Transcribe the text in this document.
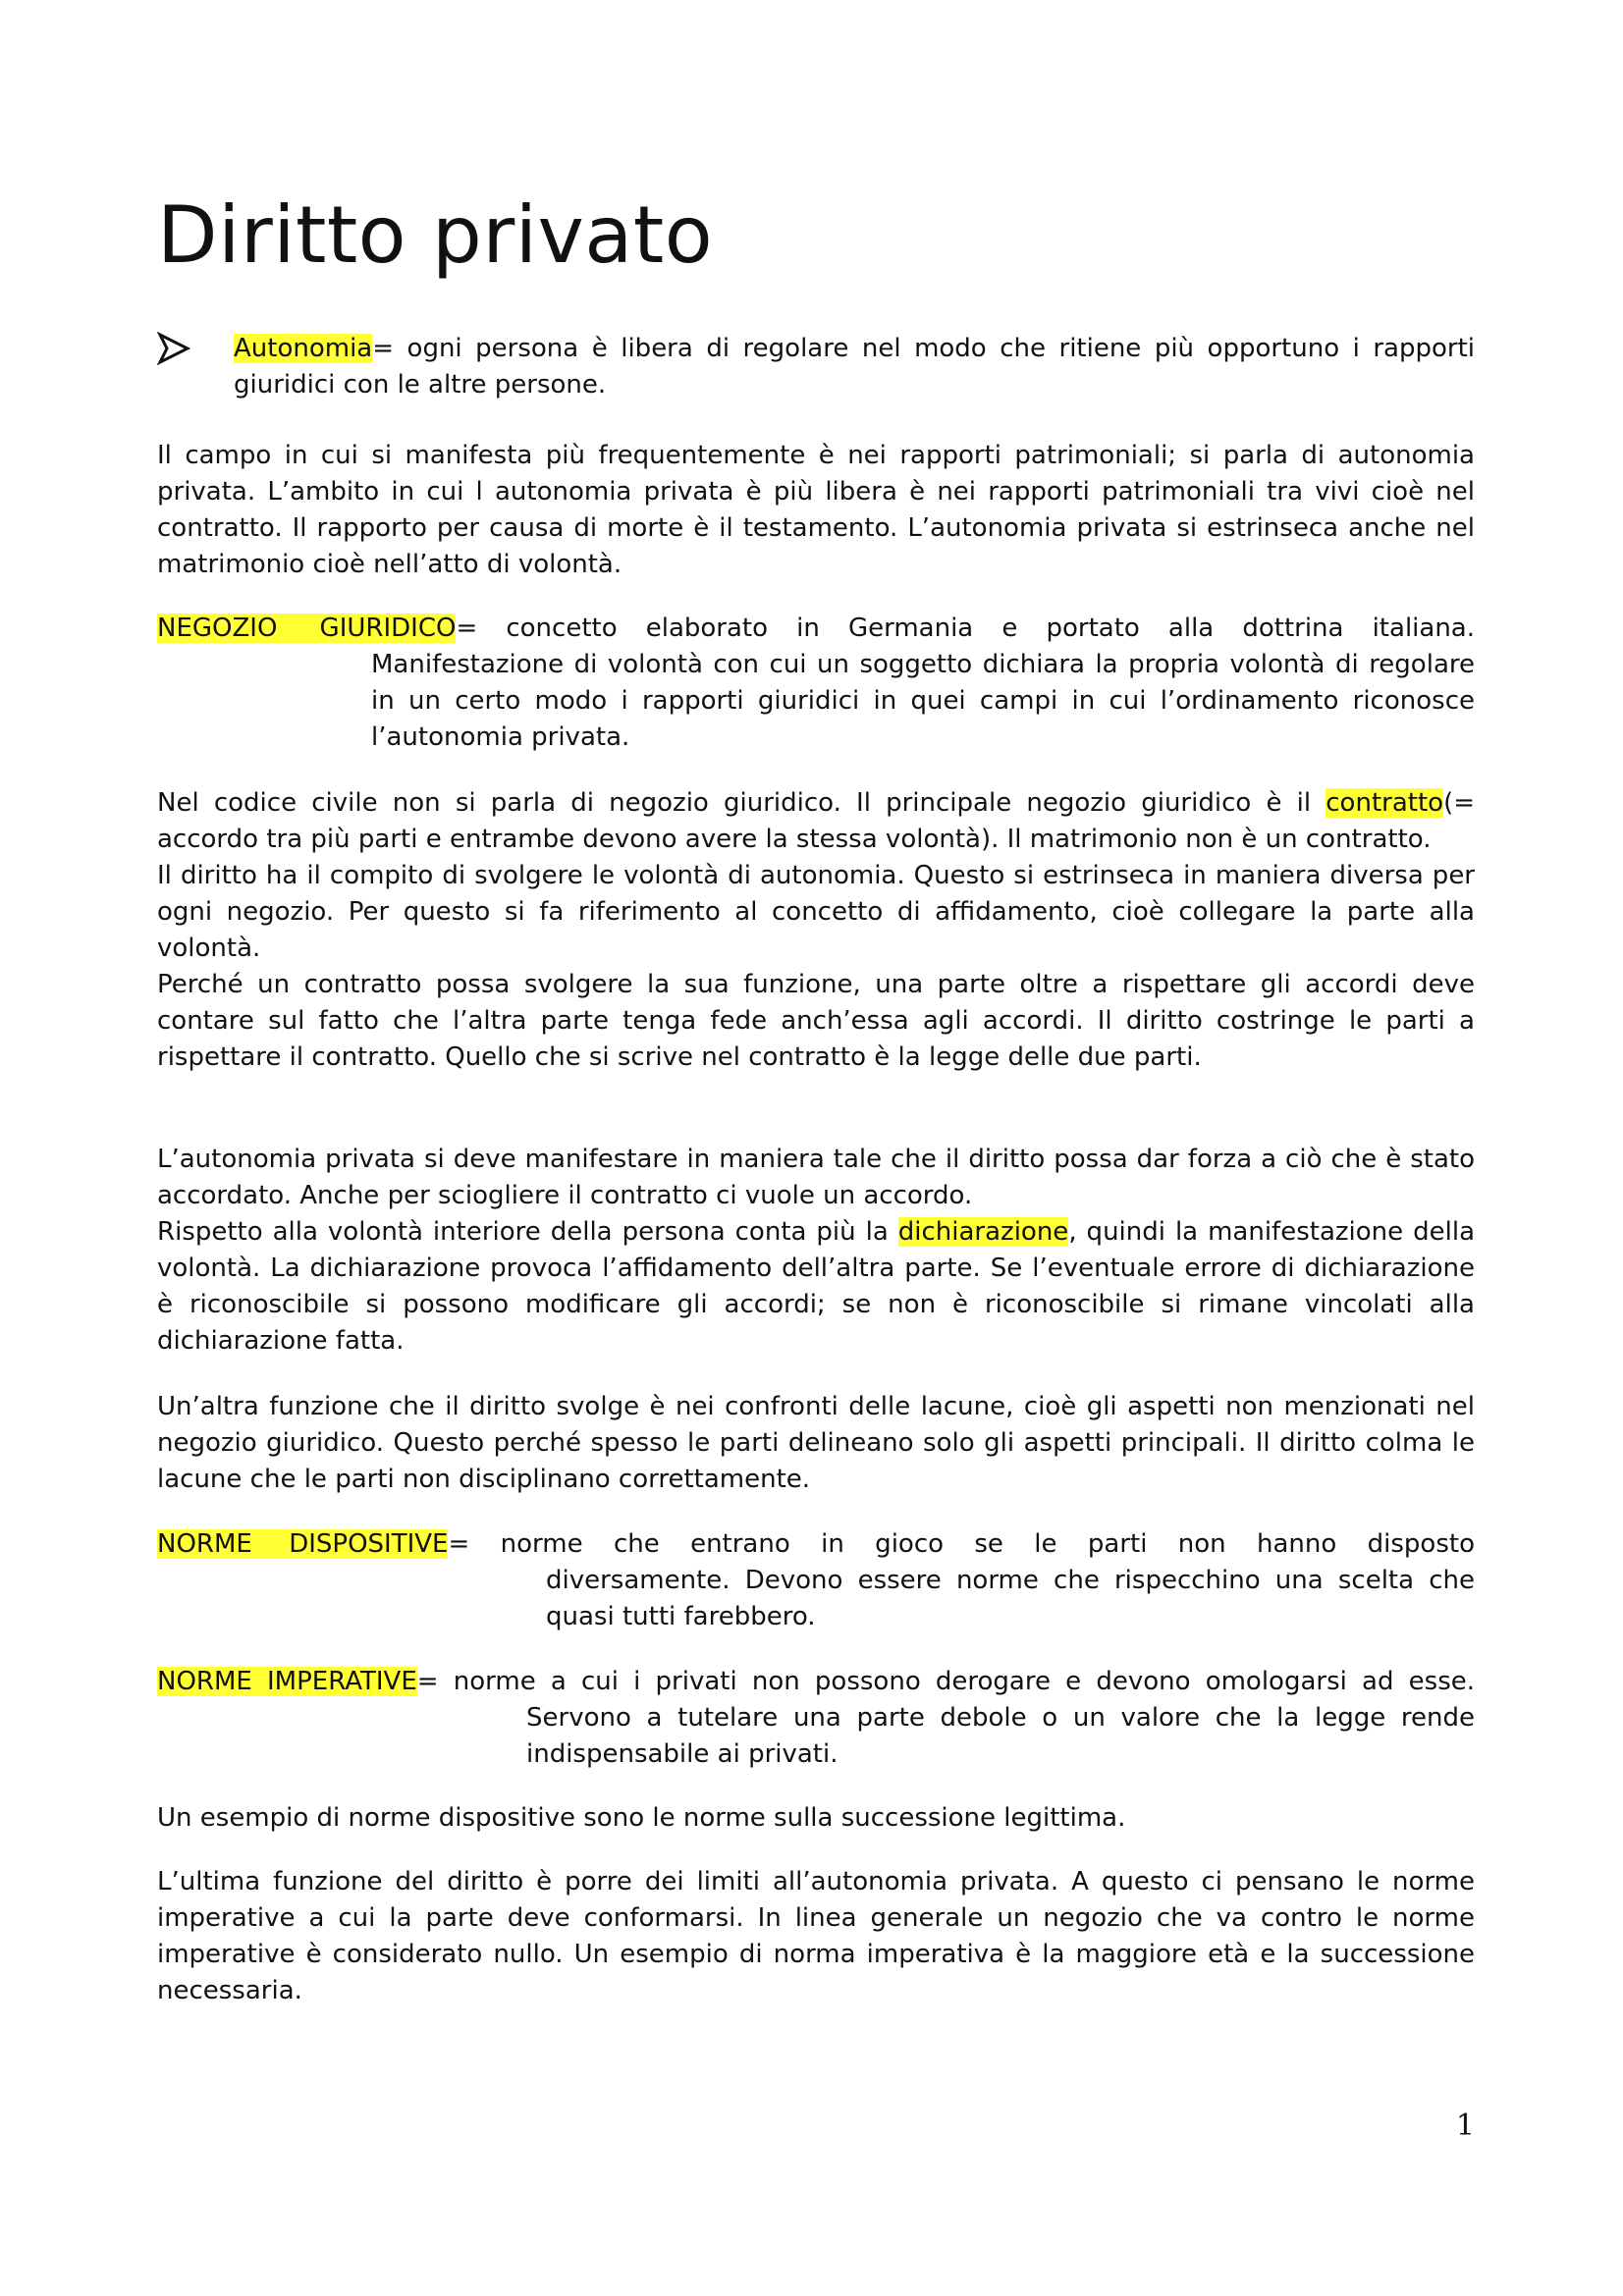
Diritto privato

Autonomia= ogni persona è libera di regolare nel modo che ritiene più opportuno i rapporti giuridici con le altre persone.

Il campo in cui si manifesta più frequentemente è nei rapporti patrimoniali; si parla di autonomia privata. L’ambito in cui l autonomia privata è più libera è nei rapporti patrimoniali tra vivi cioè nel contratto. Il rapporto per causa di morte è il testamento. L’autonomia privata si estrinseca anche nel matrimonio cioè nell’atto di volontà.

NEGOZIO GIURIDICO= concetto elaborato in Germania e portato alla dottrina italiana.

Manifestazione di volontà con cui un soggetto dichiara la propria volontà di regolare in un certo modo i rapporti giuridici in quei campi in cui l’ordinamento riconosce l’autonomia privata.

Nel codice civile non si parla di negozio giuridico. Il principale negozio giuridico è il contratto(= accordo tra più parti e entrambe devono avere la stessa volontà). Il matrimonio non è un contratto.

Il diritto ha il compito di svolgere le volontà di autonomia. Questo si estrinseca in maniera diversa per ogni negozio. Per questo si fa riferimento al concetto di affidamento, cioè collegare la parte alla volontà.

Perché un contratto possa svolgere la sua funzione, una parte oltre a rispettare gli accordi deve contare sul fatto che l’altra parte tenga fede anch’essa agli accordi. Il diritto costringe le parti a rispettare il contratto. Quello che si scrive nel contratto è la legge delle due parti.

L’autonomia privata si deve manifestare in maniera tale che il diritto possa dar forza a ciò che è stato accordato. Anche per sciogliere il contratto ci vuole un accordo.

Rispetto alla volontà interiore della persona conta più la dichiarazione, quindi la manifestazione della volontà. La dichiarazione provoca l’affidamento dell’altra parte. Se l’eventuale errore di dichiarazione è riconoscibile si possono modificare gli accordi; se non è riconoscibile si rimane vincolati alla dichiarazione fatta.

Un’altra funzione che il diritto svolge è nei confronti delle lacune, cioè gli aspetti non menzionati nel negozio giuridico. Questo perché spesso le parti delineano solo gli aspetti principali. Il diritto colma le lacune che le parti non disciplinano correttamente.

NORME DISPOSITIVE= norme che entrano in gioco se le parti non hanno disposto

diversamente. Devono essere norme che rispecchino una scelta che quasi tutti farebbero.

NORME IMPERATIVE= norme a cui i privati non possono derogare e devono omologarsi ad esse.

Servono a tutelare una parte debole o un valore che la legge rende indispensabile ai privati.

Un esempio di norme dispositive sono le norme sulla successione legittima.

L’ultima funzione del diritto è porre dei limiti all’autonomia privata. A questo ci pensano le norme imperative a cui la parte deve conformarsi. In linea generale un negozio che va contro le norme imperative è considerato nullo. Un esempio di norma imperativa è la maggiore età e la successione necessaria.

1
